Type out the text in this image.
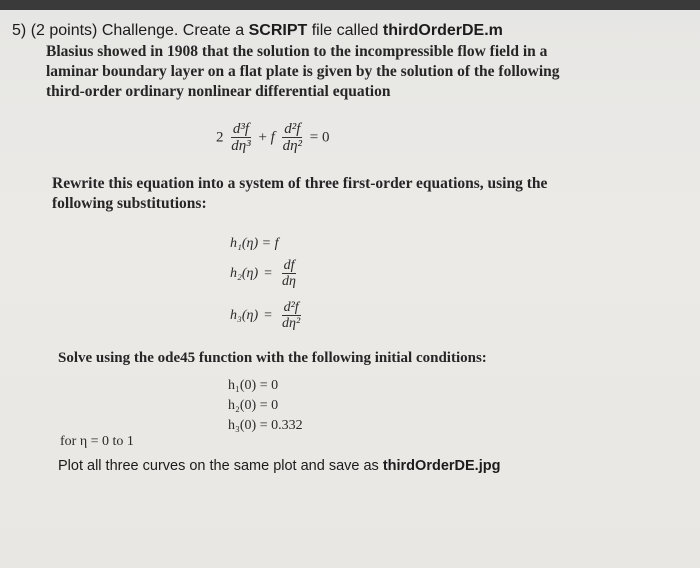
5) (2 points) Challenge. Create a SCRIPT file called thirdOrderDE.m
Blasius showed in 1908 that the solution to the incompressible flow field in a laminar boundary layer on a flat plate is given by the solution of the following third-order ordinary nonlinear differential equation
$2 \frac{\text{d³f}}{\text{dη³}} + f \frac{\text{d²f}}{\text{dη²}} = 0$
Rewrite this equation into a system of three first-order equations, using the following substitutions:
h₁(η) = f
$h_2(\eta) = \frac{df}{d\eta}$
$h_3(\eta) = \frac{\text{d²f}}{\text{dη²}}$
Solve using the ode45 function with the following initial conditions:
h₁(0) = 0
h₂(0) = 0
h₃(0) = 0.332
for η = 0 to 1
Plot all three curves on the same plot and save as thirdOrderDE.jpg
